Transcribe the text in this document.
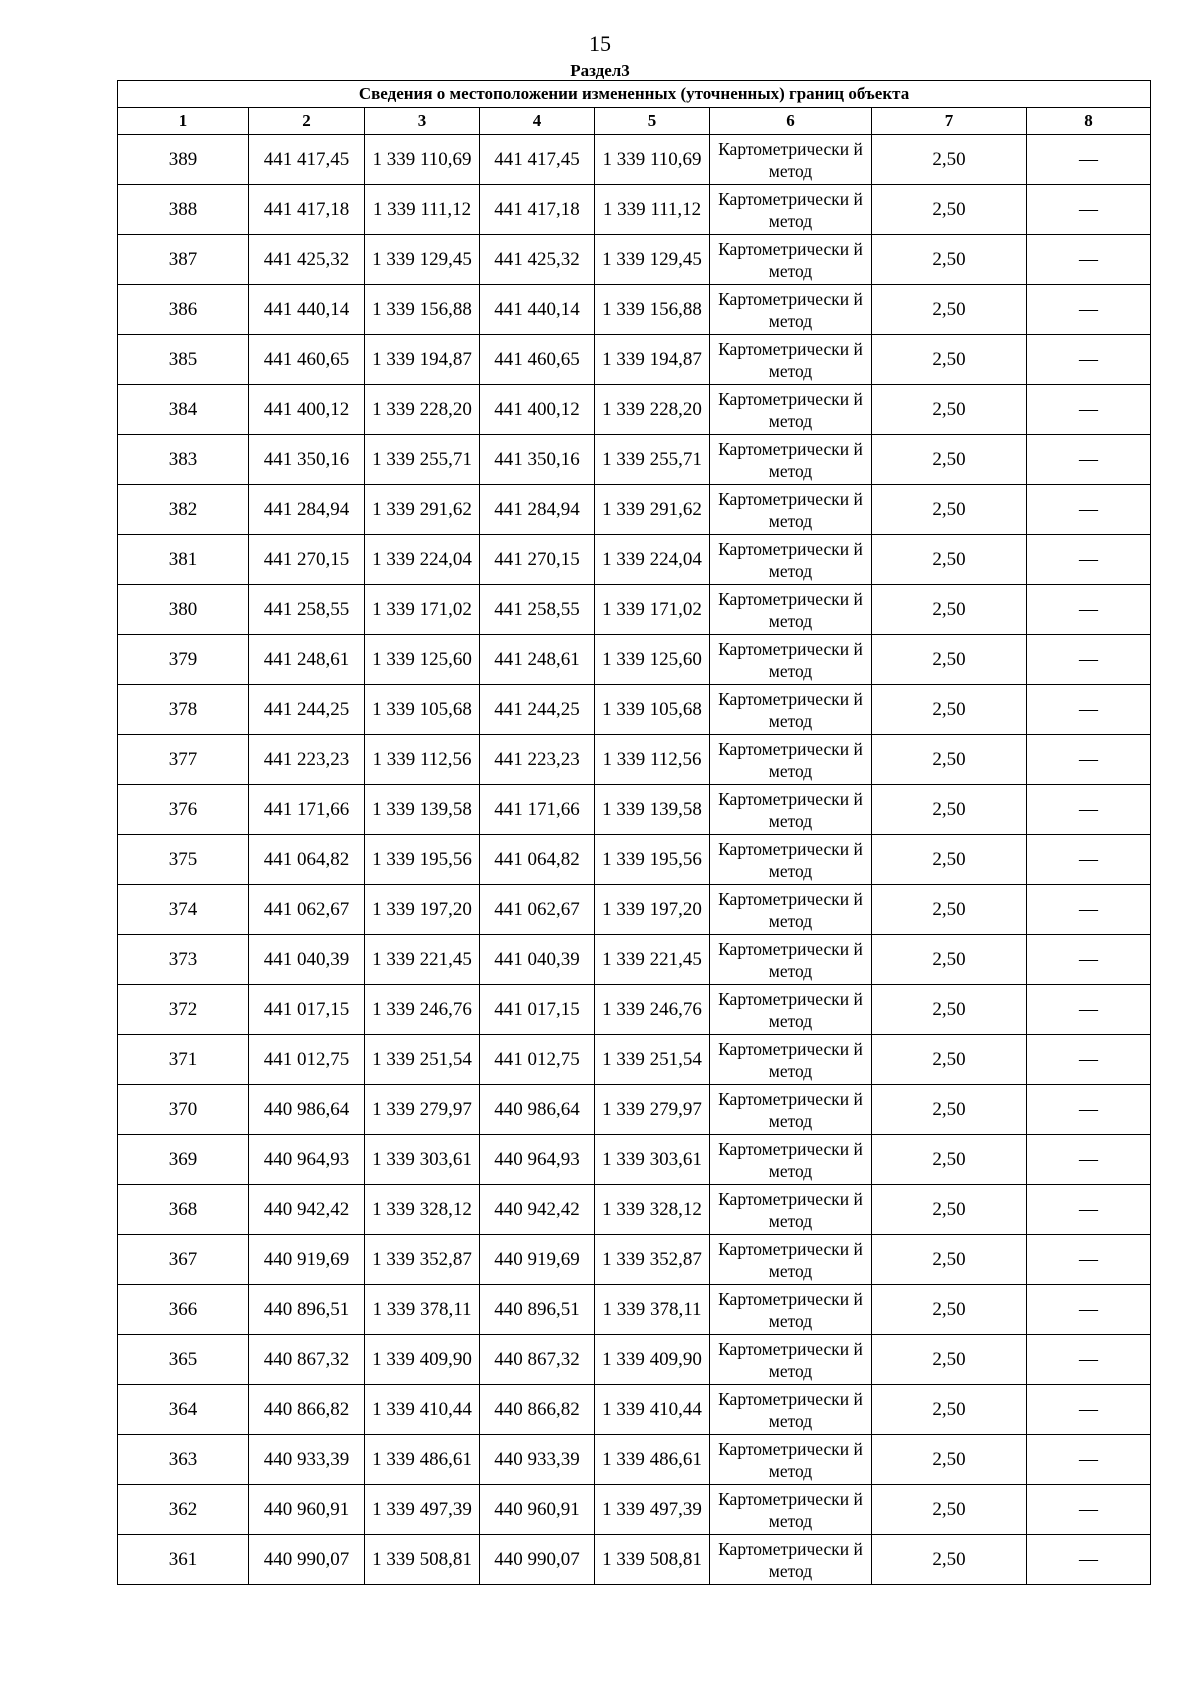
15
Раздел3
Сведения о местоположении измененных (уточненных) границ объекта							
1	2	3	4	5	6	7	8
389	441 417,45	1 339 110,69	441 417,45	1 339 110,69	Картометрически й метод	2,50	—
388	441 417,18	1 339 111,12	441 417,18	1 339 111,12	Картометрически й метод	2,50	—
387	441 425,32	1 339 129,45	441 425,32	1 339 129,45	Картометрически й метод	2,50	—
386	441 440,14	1 339 156,88	441 440,14	1 339 156,88	Картометрически й метод	2,50	—
385	441 460,65	1 339 194,87	441 460,65	1 339 194,87	Картометрически й метод	2,50	—
384	441 400,12	1 339 228,20	441 400,12	1 339 228,20	Картометрически й метод	2,50	—
383	441 350,16	1 339 255,71	441 350,16	1 339 255,71	Картометрически й метод	2,50	—
382	441 284,94	1 339 291,62	441 284,94	1 339 291,62	Картометрически й метод	2,50	—
381	441 270,15	1 339 224,04	441 270,15	1 339 224,04	Картометрически й метод	2,50	—
380	441 258,55	1 339 171,02	441 258,55	1 339 171,02	Картометрически й метод	2,50	—
379	441 248,61	1 339 125,60	441 248,61	1 339 125,60	Картометрически й метод	2,50	—
378	441 244,25	1 339 105,68	441 244,25	1 339 105,68	Картометрически й метод	2,50	—
377	441 223,23	1 339 112,56	441 223,23	1 339 112,56	Картометрически й метод	2,50	—
376	441 171,66	1 339 139,58	441 171,66	1 339 139,58	Картометрически й метод	2,50	—
375	441 064,82	1 339 195,56	441 064,82	1 339 195,56	Картометрически й метод	2,50	—
374	441 062,67	1 339 197,20	441 062,67	1 339 197,20	Картометрически й метод	2,50	—
373	441 040,39	1 339 221,45	441 040,39	1 339 221,45	Картометрически й метод	2,50	—
372	441 017,15	1 339 246,76	441 017,15	1 339 246,76	Картометрически й метод	2,50	—
371	441 012,75	1 339 251,54	441 012,75	1 339 251,54	Картометрически й метод	2,50	—
370	440 986,64	1 339 279,97	440 986,64	1 339 279,97	Картометрически й метод	2,50	—
369	440 964,93	1 339 303,61	440 964,93	1 339 303,61	Картометрически й метод	2,50	—
368	440 942,42	1 339 328,12	440 942,42	1 339 328,12	Картометрически й метод	2,50	—
367	440 919,69	1 339 352,87	440 919,69	1 339 352,87	Картометрически й метод	2,50	—
366	440 896,51	1 339 378,11	440 896,51	1 339 378,11	Картометрически й метод	2,50	—
365	440 867,32	1 339 409,90	440 867,32	1 339 409,90	Картометрически й метод	2,50	—
364	440 866,82	1 339 410,44	440 866,82	1 339 410,44	Картометрически й метод	2,50	—
363	440 933,39	1 339 486,61	440 933,39	1 339 486,61	Картометрически й метод	2,50	—
362	440 960,91	1 339 497,39	440 960,91	1 339 497,39	Картометрически й метод	2,50	—
361	440 990,07	1 339 508,81	440 990,07	1 339 508,81	Картометрически й метод	2,50	—
